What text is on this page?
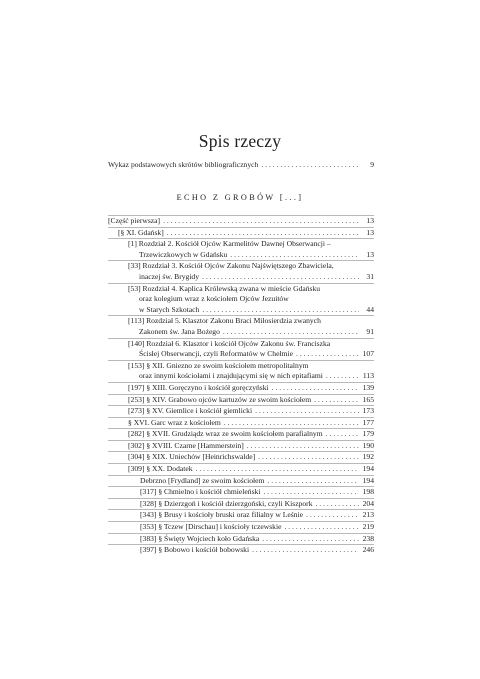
Spis rzeczy
Wykaz podstawowych skrótów bibliograficznych . . .	9
ECHO Z GROBÓW [...]
[Część pierwsza] . . .	13
[§ XI. Gdańsk] . . .	13
[1] Rozdział 2. Kościół Ojców Karmelitów Dawnej Obserwancji –
Trzewiczkowych w Gdańsku . . .	13
[33] Rozdział 3. Kościół Ojców Zakonu Najświętszego Zbawiciela,
inaczej św. Brygidy . . .	31
[53] Rozdział 4. Kaplica Królewską zwana w mieście Gdańsku
oraz kolegium wraz z kościołem Ojców Jezuitów
w Starych Szkotach . . .	44
[113] Rozdział 5. Klasztor Zakonu Braci Miłosierdzia zwanych
Zakonem św. Jana Bożego . . .	91
[140] Rozdział 6. Klasztor i kościół Ojców Zakonu św. Franciszka
Ścisłej Obserwancji, czyli Reformatów w Chełmie . . .	107
[153] § XII. Gniezno ze swoim kościołem metropolitalnym
oraz innymi kościołami i znajdującymi się w nich epitafiami . . .	113
[197] § XIII. Goręczyno i kościół goręczyński . . .	139
[253] § XIV. Grabowo ojców kartuzów ze swoim kościołem . . .	165
[273] § XV. Giemlice i kościół giemlicki . . .	173
§ XVI. Garc wraz z kościołem . . .	177
[282] § XVII. Grudziądz wraz ze swoim kościołem parafialnym . . .	179
[302] § XVIII. Czarne [Hammerstein] . . .	190
[304] § XIX. Uniechów [Heinrichswalde] . . .	192
[309] § XX. Dodatek . . .	194
Debrzno [Frydland] ze swoim kościołem . . .	194
[317] § Chmielno i kościół chmieleński . . .	198
[328] § Dzierzgoń i kościół dzierzgoński, czyli Kiszpork . . .	204
[343] § Brusy i kościoły bruski oraz filialny w Leśnie . . .	213
[353] § Tczew [Dirschau] i kościoły tczewskie . . .	219
[383] § Święty Wojciech koło Gdańska . . .	238
[397] § Bobowo i kościół bobowski . . .	246
